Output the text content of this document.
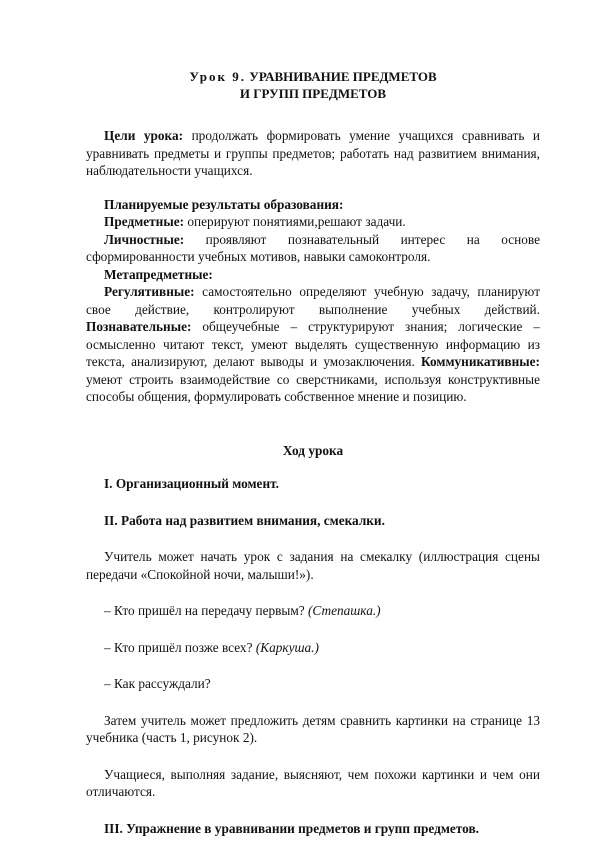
Урок 9. УРАВНИВАНИЕ ПРЕДМЕТОВ
И ГРУПП ПРЕДМЕТОВ

Цели урока: продолжать формировать умение учащихся сравнивать и уравнивать предметы и группы предметов; работать над развитием внимания, наблюдательности учащихся.

Планируемые результаты образования:

Предметные: оперируют понятиями,решают задачи.

Личностные: проявляют познавательный интерес на основе

сформированности учебных мотивов, навыки самоконтроля.

Метапредметные:

Регулятивные: самостоятельно определяют учебную задачу, планируют свое действие, контролируют выполнение учебных действий. Познавательные: общеучебные – структурируют знания; логические – осмысленно читают текст, умеют выделять существенную информацию из текста, анализируют, делают выводы и умозаключения. Коммуникативные: умеют строить взаимодействие со сверстниками, используя конструктивные способы общения, формулировать собственное мнение и позицию.

Ход урока

I. Организационный момент.

II. Работа над развитием внимания, смекалки.

Учитель может начать урок с задания на смекалку (иллюстрация сцены передачи «Спокойной ночи, малыши!»).

– Кто пришёл на передачу первым? (Степашка.)

– Кто пришёл позже всех? (Каркуша.)

– Как рассуждали?

Затем учитель может предложить детям сравнить картинки на странице 13 учебника (часть 1, рисунок 2).

Учащиеся, выполняя задание, выясняют, чем похожи картинки и чем они отличаются.

III. Упражнение в уравнивании предметов и групп предметов.
